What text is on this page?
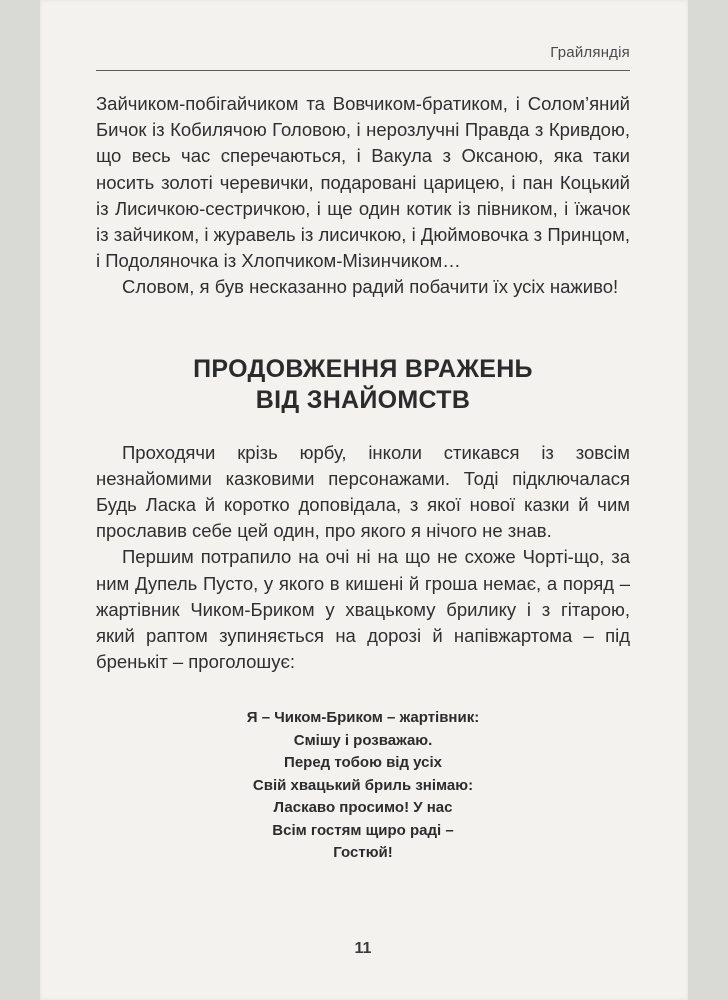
Грайляндія

Зайчиком-побігайчиком та Вовчиком-братиком, і Солом’яний Бичок із Кобилячою Головою, і нерозлучні Правда з Кривдою, що весь час сперечаються, і Вакула з Оксаною, яка таки носить золоті черевички, подаровані царицею, і пан Коцький із Лисичкою-сестричкою, і ще один котик із півником, і їжачок із зайчиком, і журавель із лисичкою, і Дюймовочка з Принцом, і Подоляночка із Хлопчиком-Мізинчиком…

Словом, я був несказанно радий побачити їх усіх наживо!

ПРОДОВЖЕННЯ ВРАЖЕНЬ
ВІД ЗНАЙОМСТВ

Проходячи крізь юрбу, інколи стикався із зовсім незнайомими казковими персонажами. Тоді підключалася Будь Ласка й коротко доповідала, з якої нової казки й чим прославив себе цей один, про якого я нічого не знав.

Першим потрапило на очі ні на що не схоже Чорті-що, за ним Дупель Пусто, у якого в кишені й гроша немає, а поряд – жартівник Чиком-Бриком у хвацькому брилику і з гітарою, який раптом зупиняється на дорозі й напівжартома – під бренькіт – проголошує:

Я – Чиком-Бриком – жартівник:
Смішу і розважаю.
Перед тобою від усіх
Свій хвацький бриль знімаю:
Ласкаво просимо! У нас
Всім гостям щиро раді –
Гостюй!
11
